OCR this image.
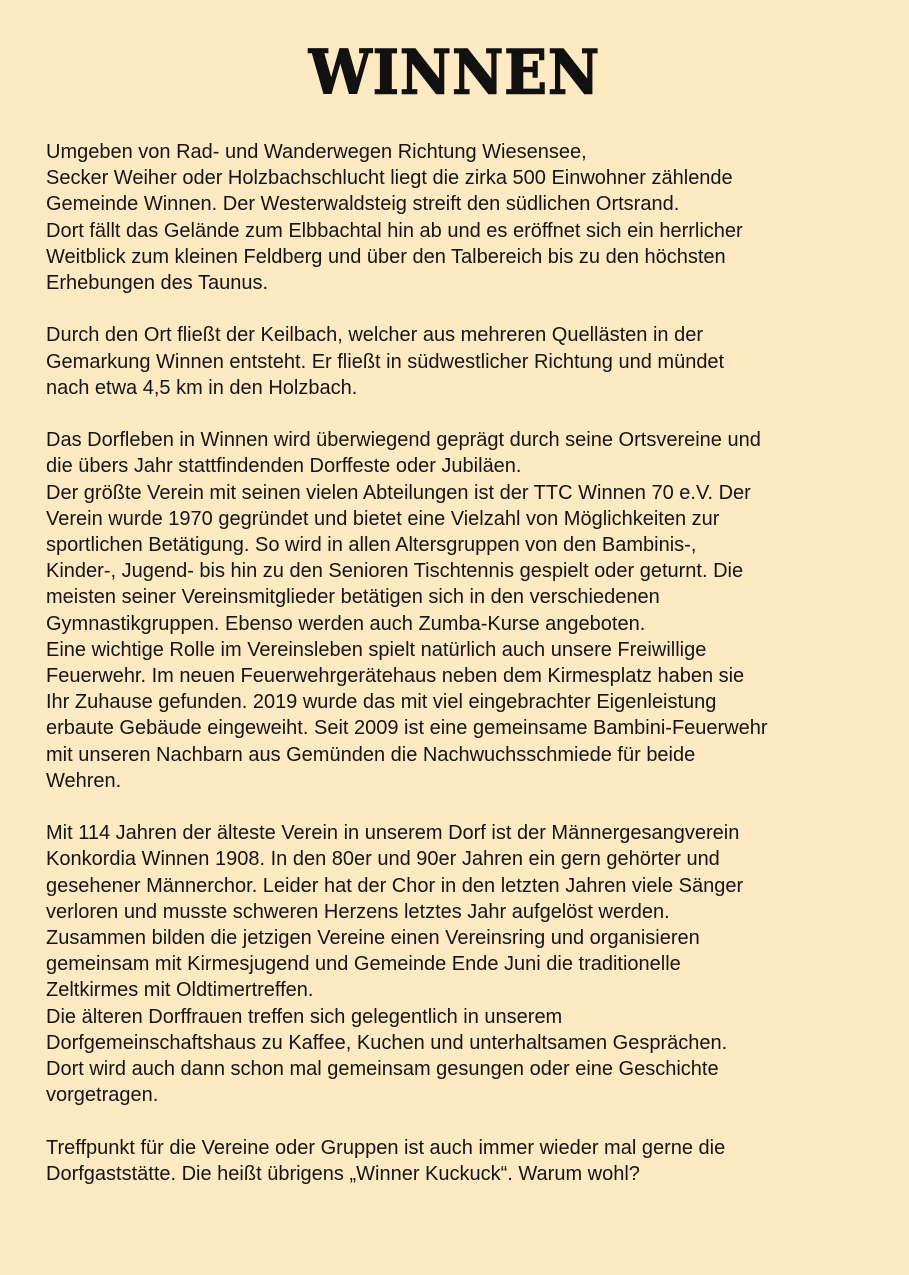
WINNEN
Umgeben von Rad- und Wanderwegen Richtung Wiesensee,
Secker Weiher oder Holzbachschlucht liegt die zirka 500 Einwohner zählende
Gemeinde Winnen. Der Westerwaldsteig streift den südlichen Ortsrand.
Dort fällt das Gelände zum Elbbachtal hin ab und es eröffnet sich ein herrlicher
Weitblick zum kleinen Feldberg und über den Talbereich bis zu den höchsten
Erhebungen des Taunus.
Durch den Ort fließt der Keilbach, welcher aus mehreren Quellästen in der
Gemarkung Winnen entsteht. Er fließt in südwestlicher Richtung und mündet
nach etwa 4,5 km in den Holzbach.
Das Dorfleben in Winnen wird überwiegend geprägt durch seine Ortsvereine und
die übers Jahr stattfindenden Dorffeste oder Jubiläen.
Der größte Verein mit seinen vielen Abteilungen ist der TTC Winnen 70 e.V. Der
Verein wurde 1970 gegründet und bietet eine Vielzahl von Möglichkeiten zur
sportlichen Betätigung. So wird in allen Altersgruppen von den Bambinis-,
Kinder-, Jugend- bis hin zu den Senioren Tischtennis gespielt oder geturnt. Die
meisten seiner Vereinsmitglieder betätigen sich in den verschiedenen
Gymnastikgruppen. Ebenso werden auch Zumba-Kurse angeboten.
Eine wichtige Rolle im Vereinsleben spielt natürlich auch unsere Freiwillige
Feuerwehr. Im neuen Feuerwehrgerätehaus neben dem Kirmesplatz haben sie
Ihr Zuhause gefunden. 2019 wurde das mit viel eingebrachter Eigenleistung
erbaute Gebäude eingeweiht. Seit 2009 ist eine gemeinsame Bambini-Feuerwehr
mit unseren Nachbarn aus Gemünden die Nachwuchsschmiede für beide
Wehren.
Mit 114 Jahren der älteste Verein in unserem Dorf ist der Männergesangverein
Konkordia Winnen 1908. In den 80er und 90er Jahren ein gern gehörter und
gesehener Männerchor. Leider hat der Chor in den letzten Jahren viele Sänger
verloren und musste schweren Herzens letztes Jahr aufgelöst werden.
Zusammen bilden die jetzigen Vereine einen Vereinsring und organisieren
gemeinsam mit Kirmesjugend und Gemeinde Ende Juni die traditionelle
Zeltkirmes mit Oldtimertreffen.
Die älteren Dorffrauen treffen sich gelegentlich in unserem
Dorfgemeinschaftshaus zu Kaffee, Kuchen und unterhaltsamen Gesprächen.
Dort wird auch dann schon mal gemeinsam gesungen oder eine Geschichte
vorgetragen.
Treffpunkt für die Vereine oder Gruppen ist auch immer wieder mal gerne die
Dorfgaststätte. Die heißt übrigens „Winner Kuckuck“. Warum wohl?
